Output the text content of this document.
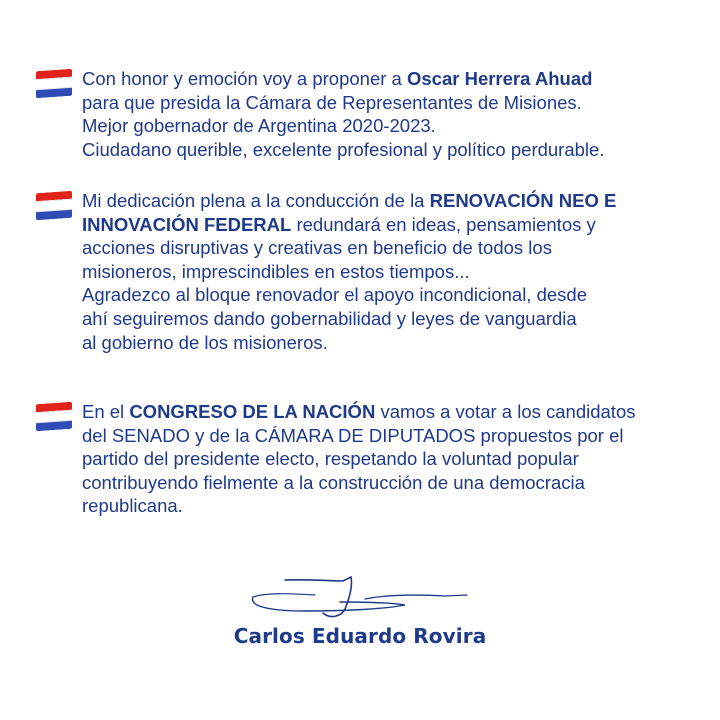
Con honor y emoción voy a proponer a Oscar Herrera Ahuad
para que presida la Cámara de Representantes de Misiones.
Mejor gobernador de Argentina 2020-2023.
Ciudadano querible, excelente profesional y político perdurable.
Mi dedicación plena a la conducción de la RENOVACIÓN NEO E
INNOVACIÓN FEDERAL redundará en ideas, pensamientos y
acciones disruptivas y creativas en beneficio de todos los
misioneros, imprescindibles en estos tiempos...
Agradezco al bloque renovador el apoyo incondicional, desde
ahí seguiremos dando gobernabilidad y leyes de vanguardia
al gobierno de los misioneros.
En el CONGRESO DE LA NACIÓN vamos a votar a los candidatos
del SENADO y de la CÁMARA DE DIPUTADOS propuestos por el
partido del presidente electo, respetando la voluntad popular
contribuyendo fielmente a la construcción de una democracia
republicana.
Carlos Eduardo Rovira
